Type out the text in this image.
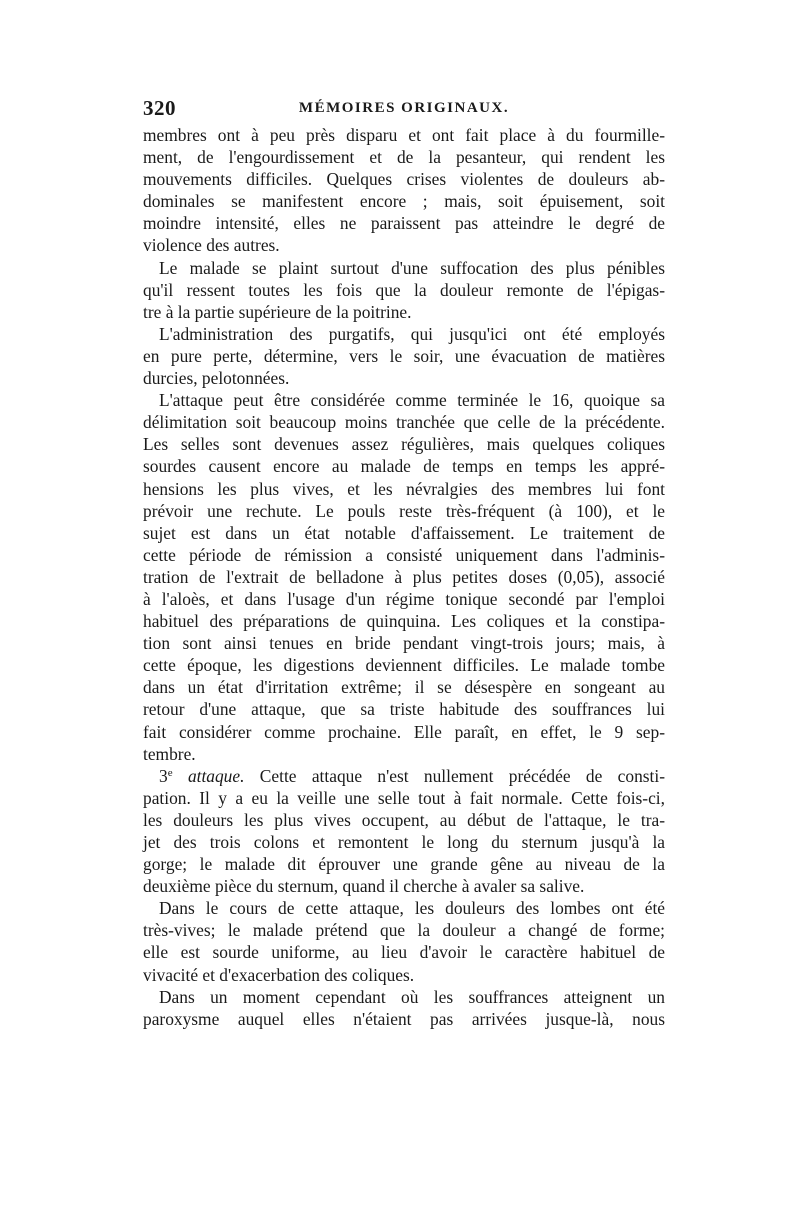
320	MÉMOIRES ORIGINAUX.

membres ont à peu près disparu et ont fait place à du fourmille-
ment, de l'engourdissement et de la pesanteur, qui rendent les
mouvements difficiles. Quelques crises violentes de douleurs ab-
dominales se manifestent encore ; mais, soit épuisement, soit
moindre intensité, elles ne paraissent pas atteindre le degré de
violence des autres.

Le malade se plaint surtout d'une suffocation des plus pénibles
qu'il ressent toutes les fois que la douleur remonte de l'épigas-
tre à la partie supérieure de la poitrine.

L'administration des purgatifs, qui jusqu'ici ont été employés
en pure perte, détermine, vers le soir, une évacuation de matières
durcies, pelotonnées.

L'attaque peut être considérée comme terminée le 16, quoique sa
délimitation soit beaucoup moins tranchée que celle de la précédente.
Les selles sont devenues assez régulières, mais quelques coliques
sourdes causent encore au malade de temps en temps les appré-
hensions les plus vives, et les névralgies des membres lui font
prévoir une rechute. Le pouls reste très-fréquent (à 100), et le
sujet est dans un état notable d'affaissement. Le traitement de
cette période de rémission a consisté uniquement dans l'adminis-
tration de l'extrait de belladone à plus petites doses (0,05), associé
à l'aloès, et dans l'usage d'un régime tonique secondé par l'emploi
habituel des préparations de quinquina. Les coliques et la constipa-
tion sont ainsi tenues en bride pendant vingt-trois jours; mais, à
cette époque, les digestions deviennent difficiles. Le malade tombe
dans un état d'irritation extrême; il se désespère en songeant au
retour d'une attaque, que sa triste habitude des souffrances lui
fait considérer comme prochaine. Elle paraît, en effet, le 9 sep-
tembre.

3e attaque. Cette attaque n'est nullement précédée de consti-
pation. Il y a eu la veille une selle tout à fait normale. Cette fois-ci,
les douleurs les plus vives occupent, au début de l'attaque, le tra-
jet des trois colons et remontent le long du sternum jusqu'à la
gorge; le malade dit éprouver une grande gêne au niveau de la
deuxième pièce du sternum, quand il cherche à avaler sa salive.

Dans le cours de cette attaque, les douleurs des lombes ont été
très-vives; le malade prétend que la douleur a changé de forme;
elle est sourde uniforme, au lieu d'avoir le caractère habituel de
vivacité et d'exacerbation des coliques.

Dans un moment cependant où les souffrances atteignent un
paroxysme auquel elles n'étaient pas arrivées jusque-là, nous
